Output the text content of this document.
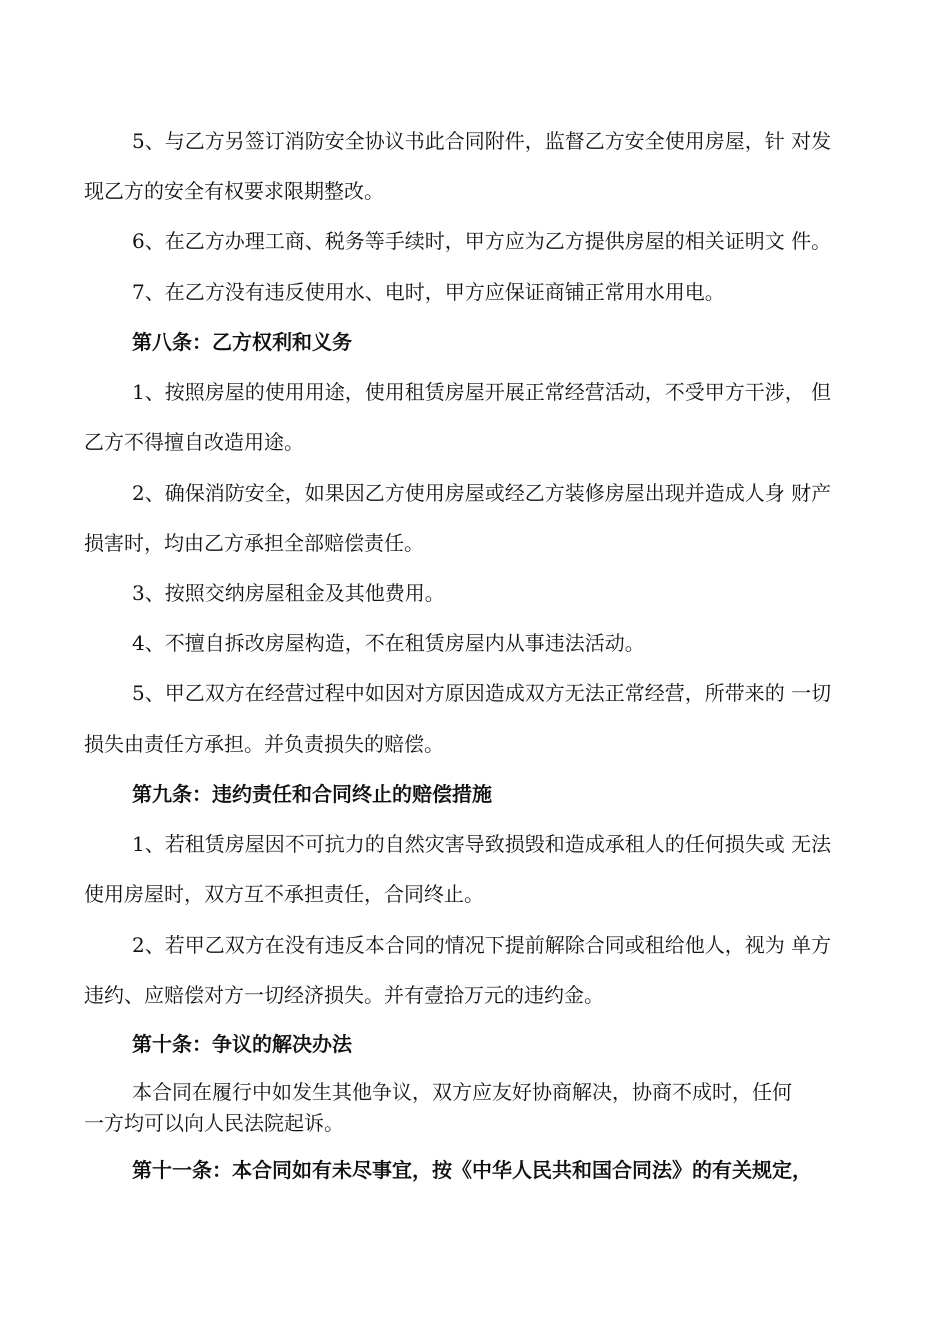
5、与乙方另签订消防安全协议书此合同附件，监督乙方安全使用房屋，针 对发
现乙方的安全有权要求限期整改。
6、在乙方办理工商、税务等手续时，甲方应为乙方提供房屋的相关证明文 件。
7、在乙方没有违反使用水、电时，甲方应保证商铺正常用水用电。
第八条：乙方权利和义务
1、按照房屋的使用用途，使用租赁房屋开展正常经营活动，不受甲方干涉， 但
乙方不得擅自改造用途。
2、确保消防安全，如果因乙方使用房屋或经乙方装修房屋出现并造成人身 财产
损害时，均由乙方承担全部赔偿责任。
3、按照交纳房屋租金及其他费用。
4、不擅自拆改房屋构造，不在租赁房屋内从事违法活动。
5、甲乙双方在经营过程中如因对方原因造成双方无法正常经营，所带来的 一切
损失由责任方承担。并负责损失的赔偿。
第九条：违约责任和合同终止的赔偿措施
1、若租赁房屋因不可抗力的自然灾害导致损毁和造成承租人的任何损失或 无法
使用房屋时，双方互不承担责任，合同终止。
2、若甲乙双方在没有违反本合同的情况下提前解除合同或租给他人，视为 单方
违约、应赔偿对方一切经济损失。并有壹拾万元的违约金。
第十条：争议的解决办法
本合同在履行中如发生其他争议，双方应友好协商解决，协商不成时，任何
一方均可以向人民法院起诉。
第十一条：本合同如有未尽事宜，按《中华人民共和国合同法》的有关规定，
